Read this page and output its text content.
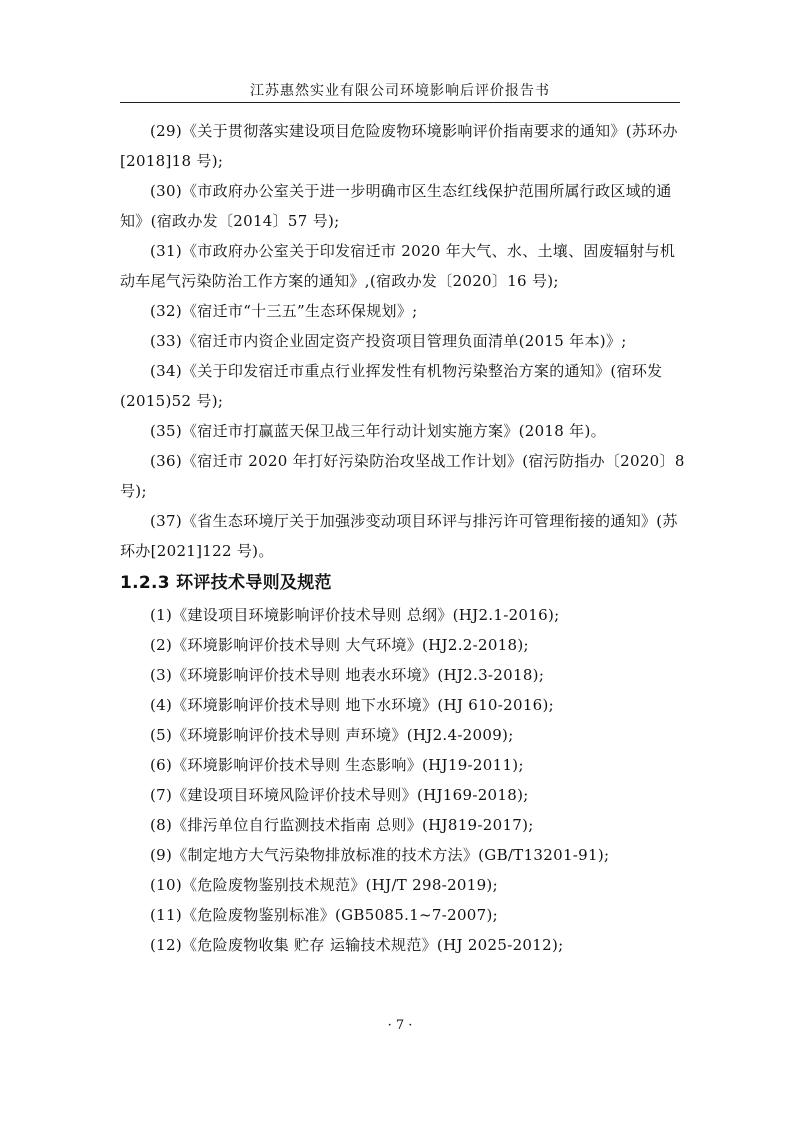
江苏惠然实业有限公司环境影响后评价报告书

(29)《关于贯彻落实建设项目危险废物环境影响评价指南要求的通知》(苏环办[2018]18 号);

(30)《市政府办公室关于进一步明确市区生态红线保护范围所属行政区域的通知》(宿政办发〔2014〕57 号);

(31)《市政府办公室关于印发宿迁市 2020 年大气、水、土壤、固废辐射与机动车尾气污染防治工作方案的通知》,(宿政办发〔2020〕16 号);

(32)《宿迁市“十三五”生态环保规划》;

(33)《宿迁市内资企业固定资产投资项目管理负面清单(2015 年本)》;

(34)《关于印发宿迁市重点行业挥发性有机物污染整治方案的通知》(宿环发(2015)52 号);

(35)《宿迁市打赢蓝天保卫战三年行动计划实施方案》(2018 年)。

(36)《宿迁市 2020 年打好污染防治攻坚战工作计划》(宿污防指办〔2020〕8 号);

(37)《省生态环境厅关于加强涉变动项目环评与排污许可管理衔接的通知》(苏环办[2021]122 号)。

1.2.3 环评技术导则及规范

(1)《建设项目环境影响评价技术导则 总纲》(HJ2.1-2016);

(2)《环境影响评价技术导则 大气环境》(HJ2.2-2018);

(3)《环境影响评价技术导则 地表水环境》(HJ2.3-2018);

(4)《环境影响评价技术导则 地下水环境》(HJ 610-2016);

(5)《环境影响评价技术导则 声环境》(HJ2.4-2009);

(6)《环境影响评价技术导则 生态影响》(HJ19-2011);

(7)《建设项目环境风险评价技术导则》(HJ169-2018);

(8)《排污单位自行监测技术指南 总则》(HJ819-2017);

(9)《制定地方大气污染物排放标准的技术方法》(GB/T13201-91);

(10)《危险废物鉴别技术规范》(HJ/T 298-2019);

(11)《危险废物鉴别标准》(GB5085.1~7-2007);

(12)《危险废物收集 贮存 运输技术规范》(HJ 2025-2012);

· 7 ·
